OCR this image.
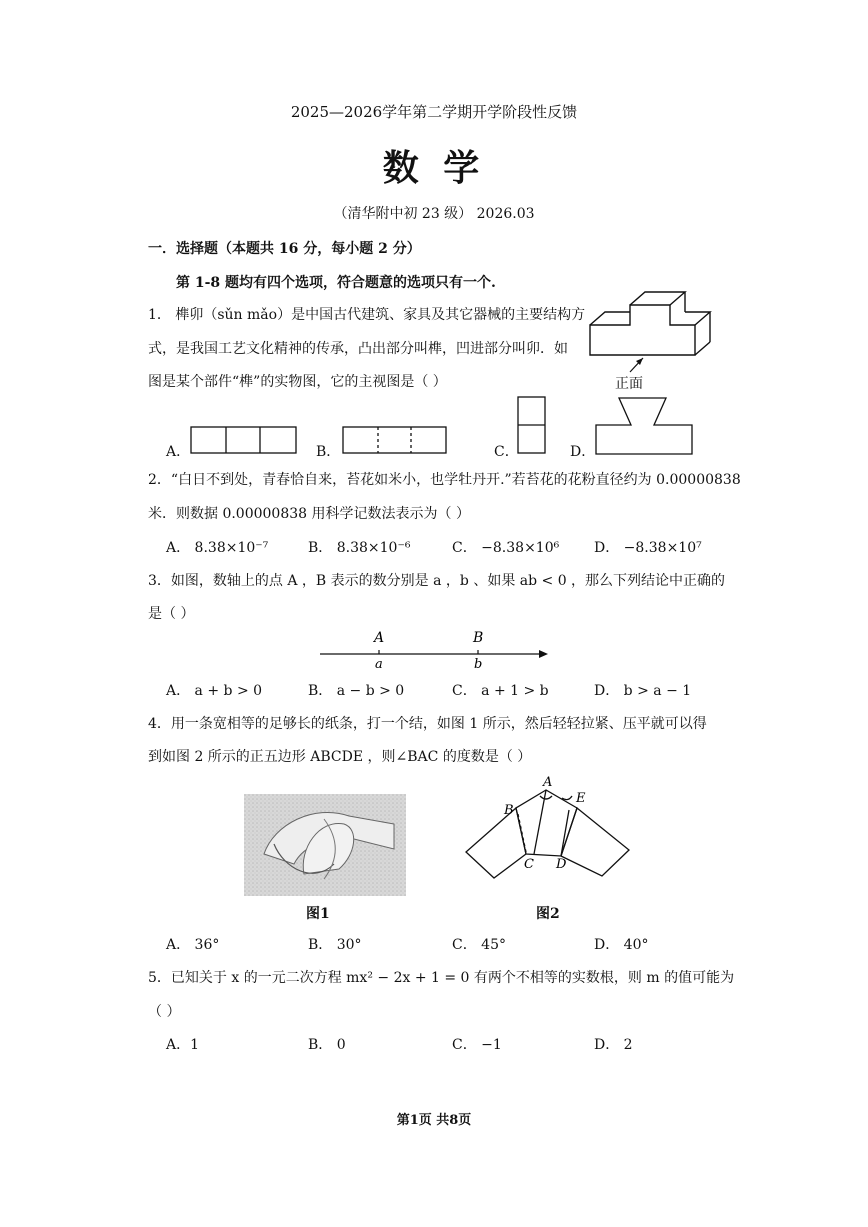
2025—2026学年第二学期开学阶段性反馈
数 学
（清华附中初 23 级） 2026.03
一．选择题（本题共 16 分，每小题 2 分）
第 1-8 题均有四个选项，符合题意的选项只有一个.
1． 榫卯（sǔn mǎo）是中国古代建筑、家具及其它器械的主要结构方
式，是我国工艺文化精神的传承，凸出部分叫榫，凹进部分叫卯．如
图是某个部件“榫”的实物图，它的主视图是（ ）	正面
A．	B．	C．	D．
2．“白日不到处，青春恰自来，苔花如米小，也学牡丹开.”若苔花的花粉直径约为 0.00000838
米．则数据 0.00000838 用科学记数法表示为（ ）
A． 8.38×10⁻⁷	B． 8.38×10⁻⁶	C． −8.38×10⁶ D． −8.38×10⁷
3．如图，数轴上的点 A ，B 表示的数分别是 a ，b 、如果 ab < 0 ，那么下列结论中正确的
是（ ）
A	B
a	b
A． a + b > 0	B． a − b > 0	C． a + 1 > b	D． b > a − 1
4．用一条宽相等的足够长的纸条，打一个结，如图 1 所示，然后轻轻拉紧、压平就可以得
到如图 2 所示的正五边形 ABCDE ，则∠BAC 的度数是（ ）
图1
A
B
C D
E
图2
A． 36°	B． 30°	C． 45°	D． 40°
5．已知关于 x 的一元二次方程 mx² − 2x + 1 = 0 有两个不相等的实数根，则 m 的值可能为
（ ）
A．1	B． 0	C． −1	D． 2
第1页 共8页
